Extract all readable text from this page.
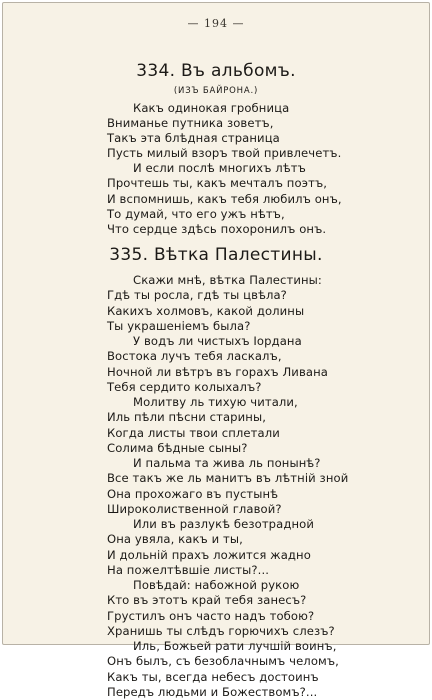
— 194 —
334. Въ альбомъ.
(ИЗЪ БАЙРОНА.)
Какъ одинокая гробница
Вниманье путника зоветъ,
Такъ эта блѣдная страница
Пусть милый взоръ твой привлечетъ.
И если послѣ многихъ лѣтъ
Прочтешь ты, какъ мечталъ поэтъ,
И вспомнишь, какъ тебя любилъ онъ,
То думай, что его ужъ нѣтъ,
Что сердце здѣсь похоронилъ онъ.
335. Вѣтка Палестины.
Скажи мнѣ, вѣтка Палестины:
Гдѣ ты росла, гдѣ ты цвѣла?
Какихъ холмовъ, какой долины
Ты украшеніемъ была?
У водъ ли чистыхъ Іордана
Востока лучъ тебя ласкалъ,
Ночной ли вѣтръ въ горахъ Ливана
Тебя сердито колыхалъ?
Молитву ль тихую читали,
Иль пѣли пѣсни старины,
Когда листы твои сплетали
Солима бѣдные сыны?
И пальма та жива ль понынѣ?
Все такъ же ль манитъ въ лѣтній зной
Она прохожаго въ пустынѣ
Широколиственной главой?
Или въ разлукѣ безотрадной
Она увяла, какъ и ты,
И дольній прахъ ложится жадно
На пожелтѣвшіе листы?...
Повѣдай: набожной рукою
Кто въ этотъ край тебя занесъ?
Грустилъ онъ часто надъ тобою?
Хранишь ты слѣдъ горючихъ слезъ?
Иль, Божьей рати лучшій воинъ,
Онъ былъ, съ безоблачнымъ челомъ,
Какъ ты, всегда небесъ достоинъ
Передъ людьми и Божествомъ?...
